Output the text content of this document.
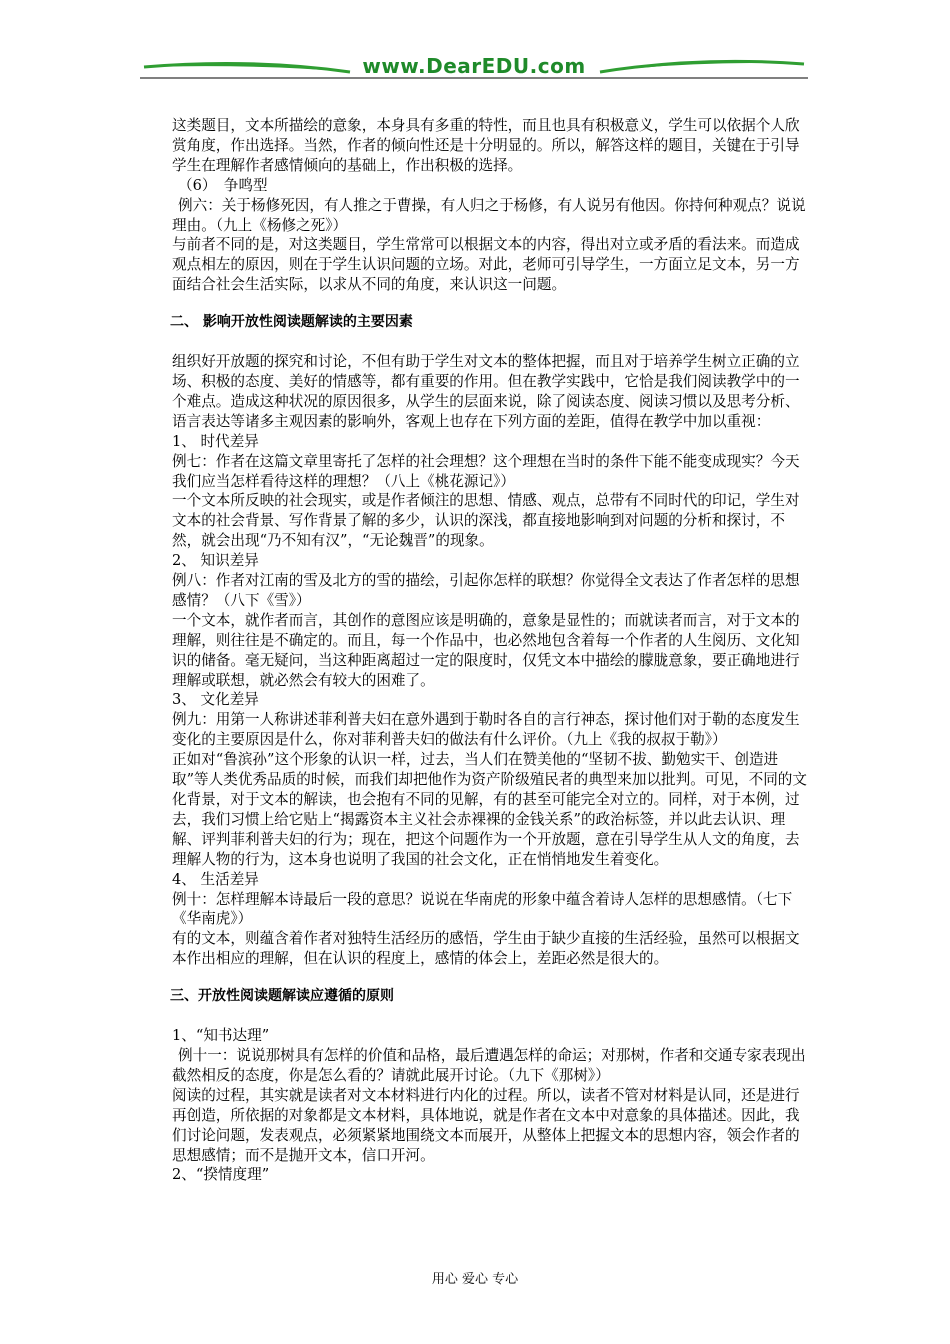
www.DearEDU.com

这类题目，文本所描绘的意象，本身具有多重的特性，而且也具有积极意义，学生可以依据个人欣赏角度，作出选择。当然，作者的倾向性还是十分明显的。所以，解答这样的题目，关键在于引导学生在理解作者感情倾向的基础上，作出积极的选择。

（6）　争鸣型

例六：关于杨修死因，有人推之于曹操，有人归之于杨修，有人说另有他因。你持何种观点？说说理由。（九上《杨修之死》）

与前者不同的是，对这类题目，学生常常可以根据文本的内容，得出对立或矛盾的看法来。而造成观点相左的原因，则在于学生认识问题的立场。对此，老师可引导学生，一方面立足文本，另一方面结合社会生活实际，以求从不同的角度，来认识这一问题。

二、 影响开放性阅读题解读的主要因素

组织好开放题的探究和讨论，不但有助于学生对文本的整体把握，而且对于培养学生树立正确的立场、积极的态度、美好的情感等，都有重要的作用。但在教学实践中，它恰是我们阅读教学中的一个难点。造成这种状况的原因很多，从学生的层面来说，除了阅读态度、阅读习惯以及思考分析、语言表达等诸多主观因素的影响外，客观上也存在下列方面的差距，值得在教学中加以重视：

1、 时代差异

例七：作者在这篇文章里寄托了怎样的社会理想？这个理想在当时的条件下能不能变成现实？今天我们应当怎样看待这样的理想？（八上《桃花源记》）

一个文本所反映的社会现实，或是作者倾注的思想、情感、观点，总带有不同时代的印记，学生对文本的社会背景、写作背景了解的多少，认识的深浅，都直接地影响到对问题的分析和探讨，不然，就会出现“乃不知有汉”，“无论魏晋”的现象。

2、 知识差异

例八：作者对江南的雪及北方的雪的描绘，引起你怎样的联想？你觉得全文表达了作者怎样的思想感情？（八下《雪》）

一个文本，就作者而言，其创作的意图应该是明确的，意象是显性的；而就读者而言，对于文本的理解，则往往是不确定的。而且，每一个作品中，也必然地包含着每一个作者的人生阅历、文化知识的储备。毫无疑问，当这种距离超过一定的限度时，仅凭文本中描绘的朦胧意象，要正确地进行理解或联想，就必然会有较大的困难了。

3、 文化差异

例九：用第一人称讲述菲利普夫妇在意外遇到于勒时各自的言行神态，探讨他们对于勒的态度发生变化的主要原因是什么，你对菲利普夫妇的做法有什么评价。（九上《我的叔叔于勒》）

正如对“鲁滨孙”这个形象的认识一样，过去，当人们在赞美他的“坚韧不拔、勤勉实干、创造进取”等人类优秀品质的时候，而我们却把他作为资产阶级殖民者的典型来加以批判。可见，不同的文化背景，对于文本的解读，也会抱有不同的见解，有的甚至可能完全对立的。同样，对于本例，过去，我们习惯上给它贴上“揭露资本主义社会赤裸裸的金钱关系”的政治标签，并以此去认识、理解、评判菲利普夫妇的行为；现在，把这个问题作为一个开放题，意在引导学生从人文的角度，去理解人物的行为，这本身也说明了我国的社会文化，正在悄悄地发生着变化。

4、 生活差异

例十：怎样理解本诗最后一段的意思？说说在华南虎的形象中蕴含着诗人怎样的思想感情。（七下《华南虎》）

有的文本，则蕴含着作者对独特生活经历的感悟，学生由于缺少直接的生活经验，虽然可以根据文本作出相应的理解，但在认识的程度上，感情的体会上，差距必然是很大的。

三、开放性阅读题解读应遵循的原则

1、“知书达理”

例十一：说说那树具有怎样的价值和品格，最后遭遇怎样的命运；对那树，作者和交通专家表现出截然相反的态度，你是怎么看的？请就此展开讨论。（九下《那树》）

阅读的过程，其实就是读者对文本材料进行内化的过程。所以，读者不管对材料是认同，还是进行再创造，所依据的对象都是文本材料，具体地说，就是作者在文本中对意象的具体描述。因此，我们讨论问题，发表观点，必须紧紧地围绕文本而展开，从整体上把握文本的思想内容，领会作者的思想感情；而不是抛开文本，信口开河。

2、“揆情度理”

用心 爱心 专心
